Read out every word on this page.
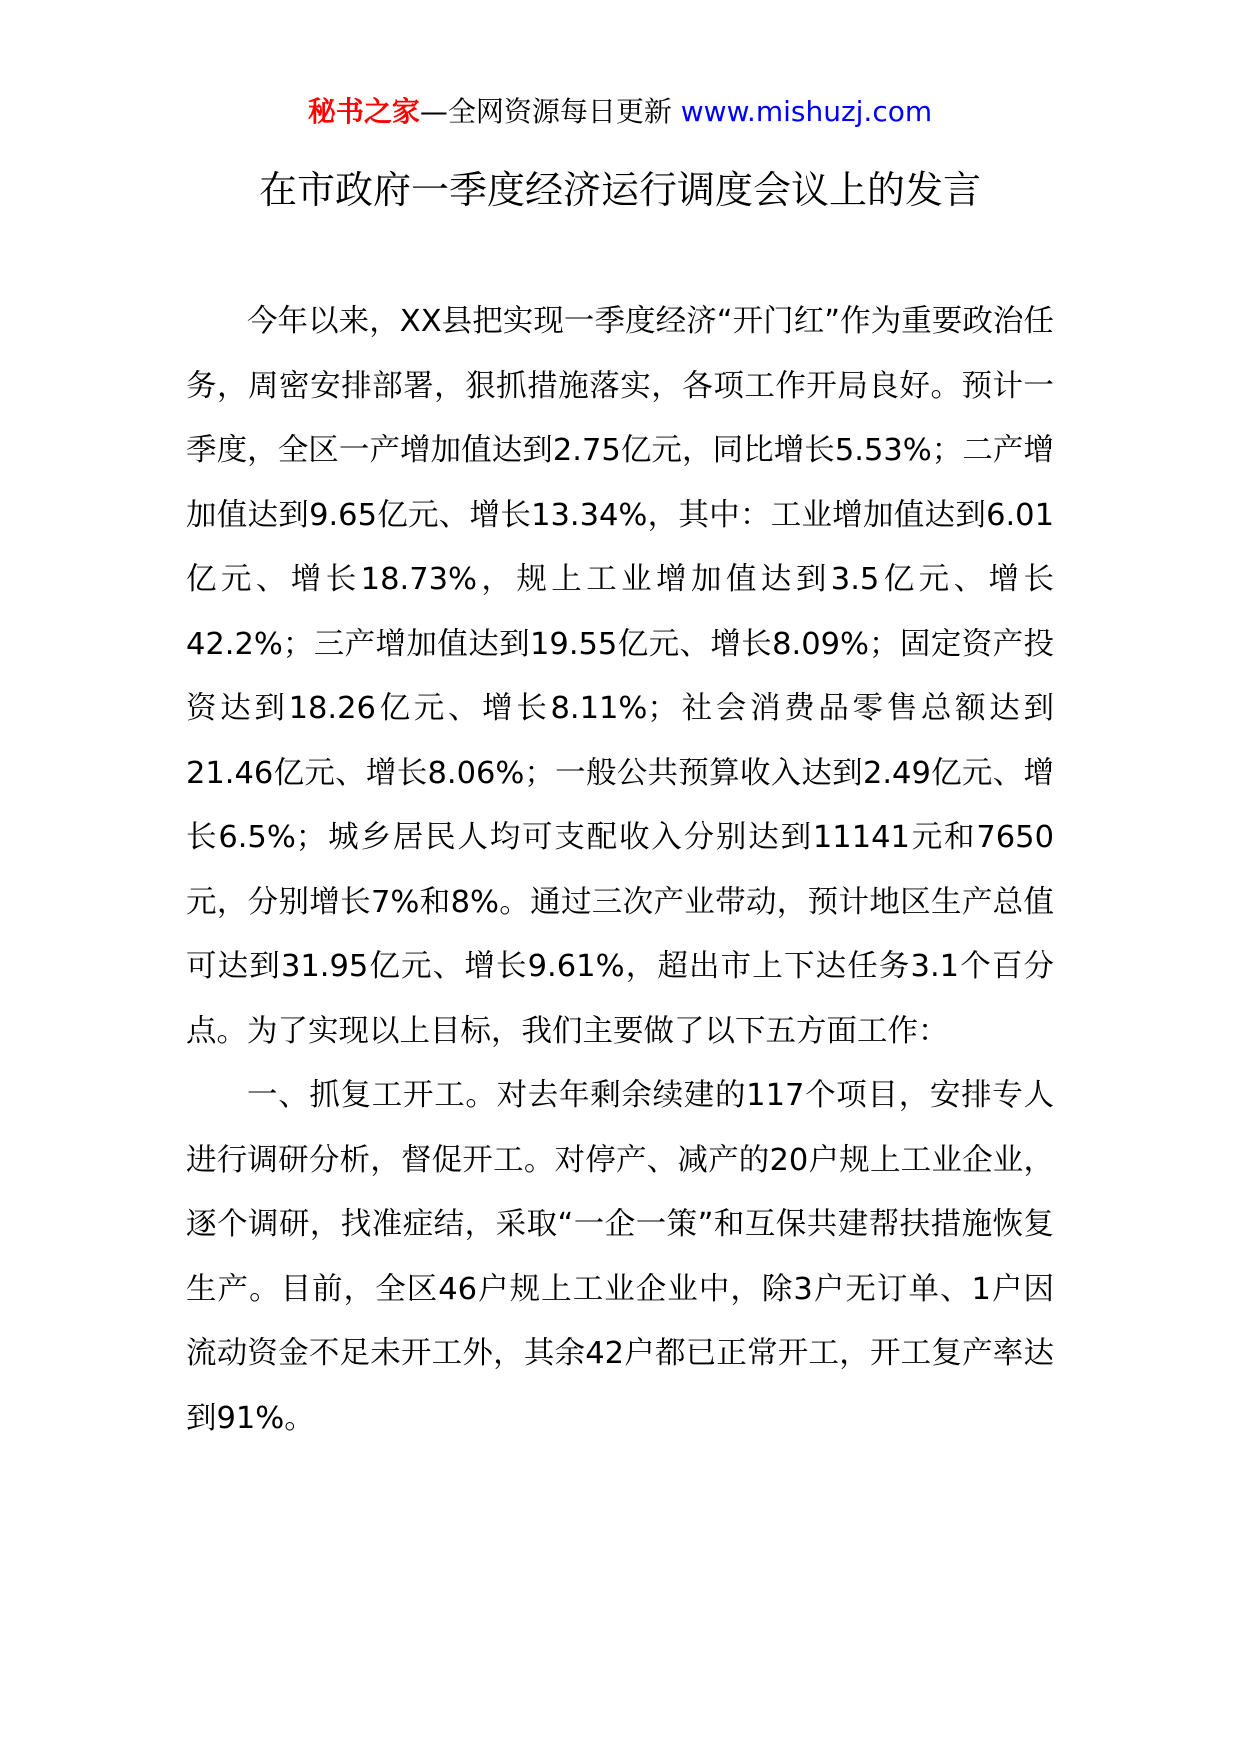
秘书之家—全网资源每日更新 www.mishuzj.com
在市政府一季度经济运行调度会议上的发言

今年以来，XX县把实现一季度经济“开门红”作为重要政治任务，周密安排部署，狠抓措施落实，各项工作开局良好。预计一季度，全区一产增加值达到2.75亿元，同比增长5.53%；二产增加值达到9.65亿元、增长13.34%，其中：工业增加值达到6.01亿元、增长18.73%，规上工业增加值达到3.5亿元、增长42.2%；三产增加值达到19.55亿元、增长8.09%；固定资产投资达到18.26亿元、增长8.11%；社会消费品零售总额达到21.46亿元、增长8.06%；一般公共预算收入达到2.49亿元、增长6.5%；城乡居民人均可支配收入分别达到11141元和7650元，分别增长7%和8%。通过三次产业带动，预计地区生产总值可达到31.95亿元、增长9.61%，超出市上下达任务3.1个百分点。为了实现以上目标，我们主要做了以下五方面工作：

一、抓复工开工。对去年剩余续建的117个项目，安排专人进行调研分析，督促开工。对停产、减产的20户规上工业企业，逐个调研，找准症结，采取“一企一策”和互保共建帮扶措施恢复生产。目前，全区46户规上工业企业中，除3户无订单、1户因流动资金不足未开工外，其余42户都已正常开工，开工复产率达到91%。
